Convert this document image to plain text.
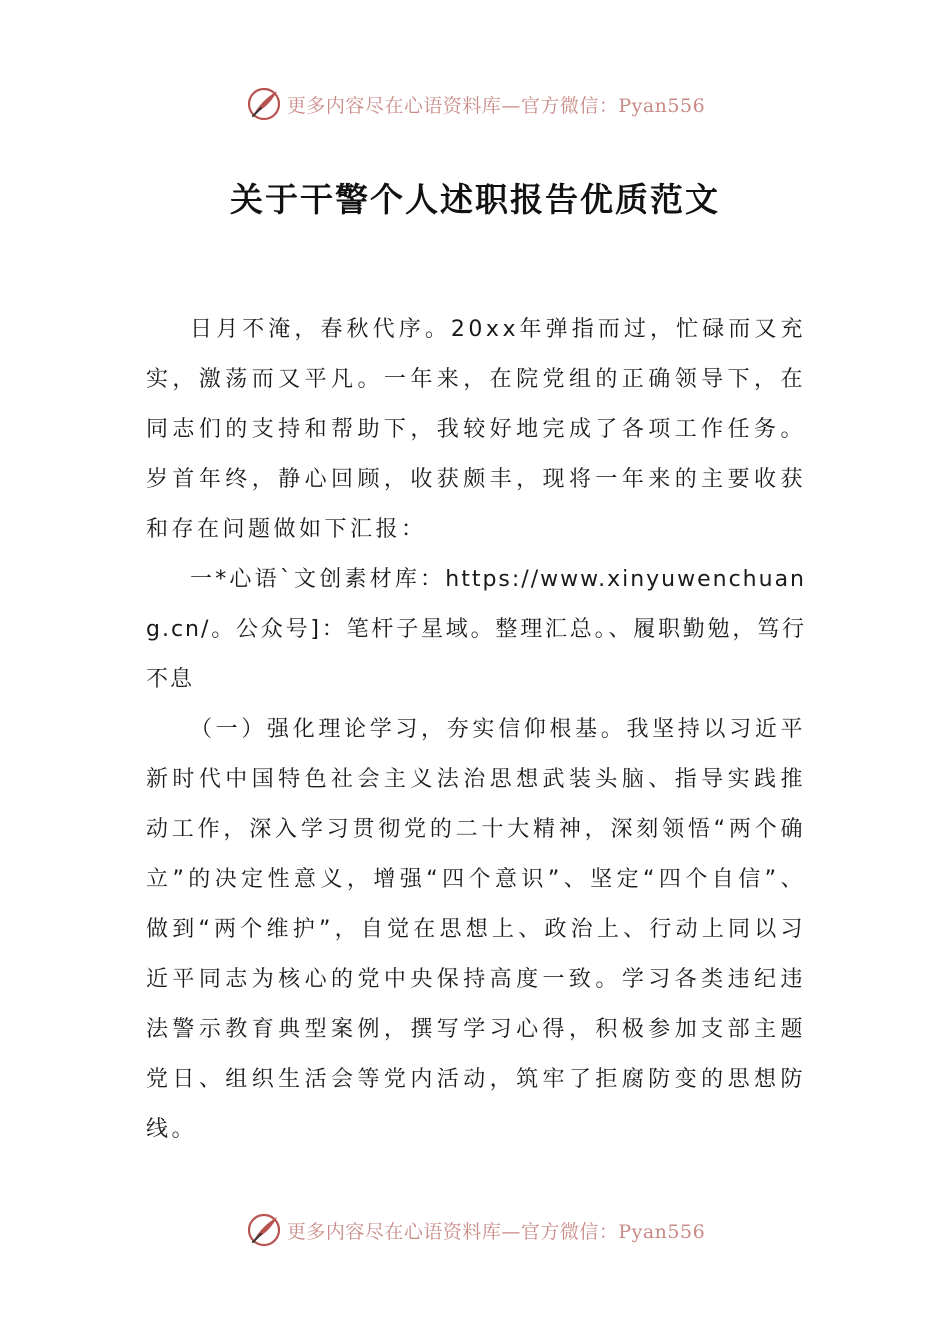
更多内容尽在心语资料库—官方微信：Pyan556
关于干警个人述职报告优质范文

日月不淹，春秋代序。20xx年弹指而过，忙碌而又充实，激荡而又平凡。一年来，在院党组的正确领导下，在同志们的支持和帮助下，我较好地完成了各项工作任务。岁首年终，静心回顾，收获颇丰，现将一年来的主要收获和存在问题做如下汇报：

一*心语`文创素材库：https://www.xinyuwenchuang.cn/。公众号]：笔杆子星域。整理汇总。、履职勤勉，笃行不息

（一）强化理论学习，夯实信仰根基。我坚持以习近平新时代中国特色社会主义法治思想武装头脑、指导实践推动工作，深入学习贯彻党的二十大精神，深刻领悟“两个确立”的决定性意义，增强“四个意识”、坚定“四个自信”、做到“两个维护”，自觉在思想上、政治上、行动上同以习近平同志为核心的党中央保持高度一致。学习各类违纪违法警示教育典型案例，撰写学习心得，积极参加支部主题党日、组织生活会等党内活动，筑牢了拒腐防变的思想防线。

更多内容尽在心语资料库—官方微信：Pyan556
